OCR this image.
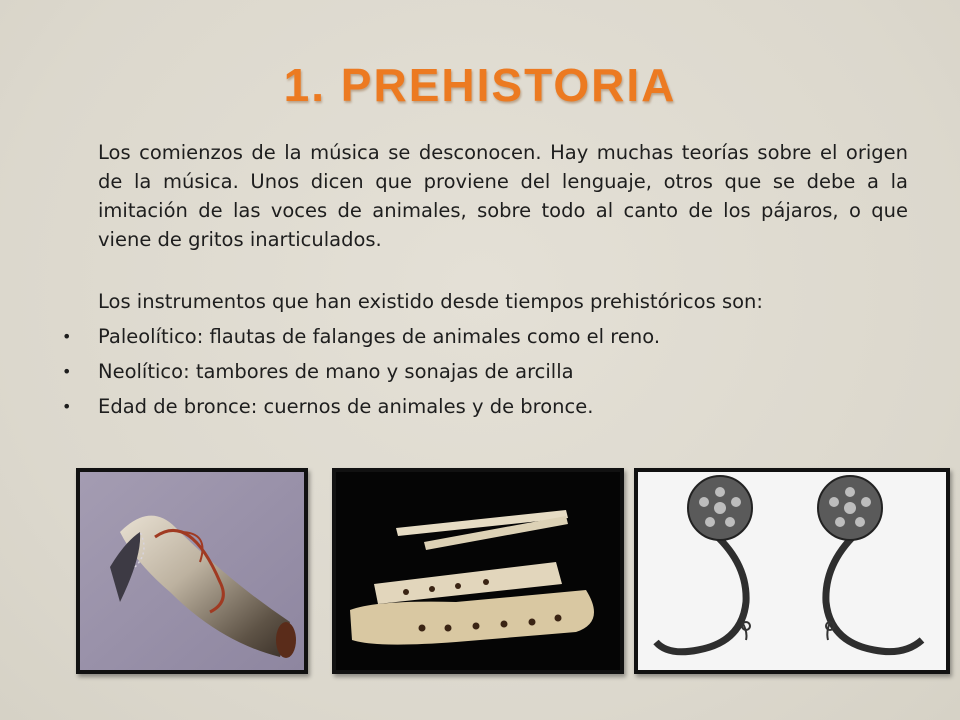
1. PREHISTORIA
Los comienzos de la música se desconocen. Hay muchas teorías sobre el origen de la música. Unos dicen que proviene del lenguaje, otros que se debe a la imitación de las voces de animales, sobre todo al canto de los pájaros, o que viene de gritos inarticulados.
Los instrumentos que han existido desde tiempos prehistóricos son:
• Paleolítico: flautas de falanges de animales como el reno.
• Neolítico: tambores de mano y sonajas de arcilla
• Edad de bronce: cuernos de animales y de bronce.
